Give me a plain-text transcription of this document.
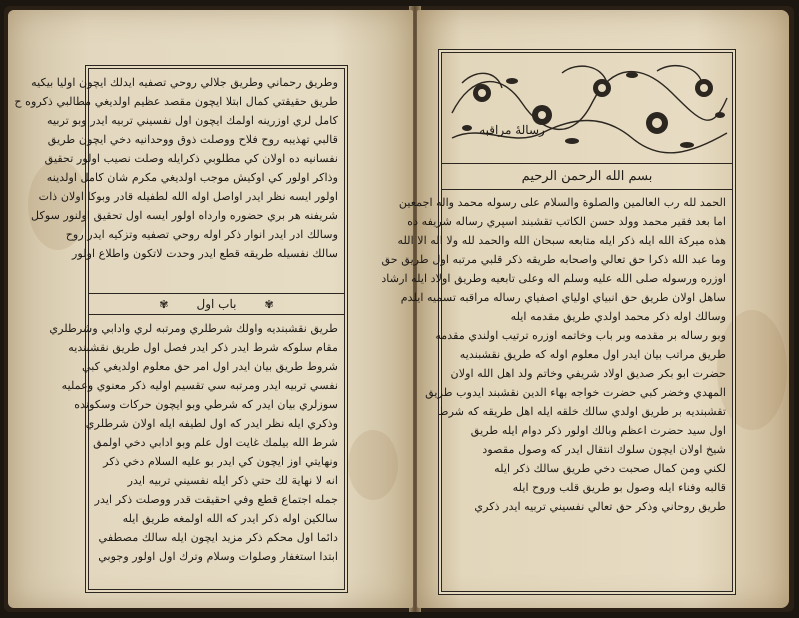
وطريق رحماني وطريق جلالي روحي تصفيه ايدلك ايچون اوليا بيكيه
طريق حقيقتي كمال ابتلا ايچون مقصد عظيم اولديغي مطالبي ذكروه ح
كامل لري اوزرينه اولمك ايچون اول نفسيني تربيه ايدر وبو تربيه
قالبي تهذيبه روح فلاح ووصلت ذوق ووحدانيه دخي ايچون طريق
نفسانيه ده اولان كي مطلوبي ذكرايله وصلت نصيب اولور تحقيق
وذاكر اولور كي اوكيش موجب اولديغي مكرم شان كامل اولدينه
اولور ايسه نظر ايدر اواصل اوله الله لطفيله قادر وبوكا اولان ذات
شريفنه هر بري حضوره وارداه اولور ايسه اول تحقيق اولنور سوكل
وسالك ادر ايدر انوار ذكر اوله روحي تصفيه وتزكيه ايدر روح
سالك نفسيله طريقه قطع ايدر وحدت لاتكون واطلاع اولور
✾ باب اول	✾
طريق نقشبنديه واولك شرطلري ومرتبه لري وادابي وشرطلري
مقام سلوكه شرط ايدر ذكر ايدر فصل اول طريق نقشبنديه
شروط طريق بيان ايدر اول امر حق معلوم اولديغي كبي
نفسي تربيه ايدر ومرتبه سي تقسيم اوليه ذكر معنوي وعمليه
سوزلري بيان ايدر كه شرطي وبو ايچون حركات وسكونده
وذكري ايله نظر ايدر كه اول لطيفه ايله اولان شرطلري
شرط الله بيلمك غايت اول علم وبو ادابي دخي اولمق
ونهايتي اوز ايچون كي ايدر بو عليه السلام دخي ذكر
انه لا نهاية لك حتي ذكر ايله نفسيني تربيه ايدر
جمله اجتماع قطع وفي احقيقت قدر ووصلت ذكر ايدر
سالكين اوله ذكر ايدر كه الله اولمغه طريق ايله
دائما اول محكم ذكر مزيد ايچون ايله سالك مصطفي
ابتدا استغفار وصلوات وسلام وترك اول اولور وجوبي
رسالهٔ مراقبه
بسم الله الرحمن الرحيم
الحمد لله رب العالمين والصلوة والسلام على رسوله محمد واله اجمعين
اما بعد فقير محمد وولد حسن الكاتب تقشبند اسپري رساله شريفه ده
هذه ميركة الله ايله ذكر ايله متابعه سبحان الله والحمد لله ولا اله الا الله
وما عبد الله ذكرا حق تعالي واصحابه طريقه ذكر قلبي مرتبه اول طريق حق
اوزره ورسوله صلى الله عليه وسلم اله وعلى تابعيه وطريق اولاد ايله ارشاد
ساهل اولان طريق حق انبياي اولياي اصفياي رساله مراقبه تسميه ايلدم
وسالك اوله ذكر محمد اولدي طريق مقدمه ايله
وبو رساله بر مقدمه وبر باب وخاتمه اوزره ترتيب اولندي مقدمه
طريق مراتب بيان ايدر اول معلوم اوله كه طريق نقشبنديه
حضرت ابو بكر صديق اولاد شريفي وخاتم ولد اهل الله اولان
المهدي وخضر كبي حضرت خواجه بهاء الدين نقشبند ايدوب طريق
تقشبنديه بر طريق اولدي سالك خلقه ايله اهل طريقه كه شرط
اول سيد حضرت اعظم وبالك اولور ذكر دوام ايله طريق
شيخ اولان ايچون سلوك انتقال ايدر كه وصول مقصود
لكني ومن كمال صحبت دخي طريق سالك ذكر ايله
قالبه وفناء ايله وصول بو طريق قلب وروح ايله
طريق روحاني وذكر حق تعالي نفسيني تربيه ايدر ذكري
